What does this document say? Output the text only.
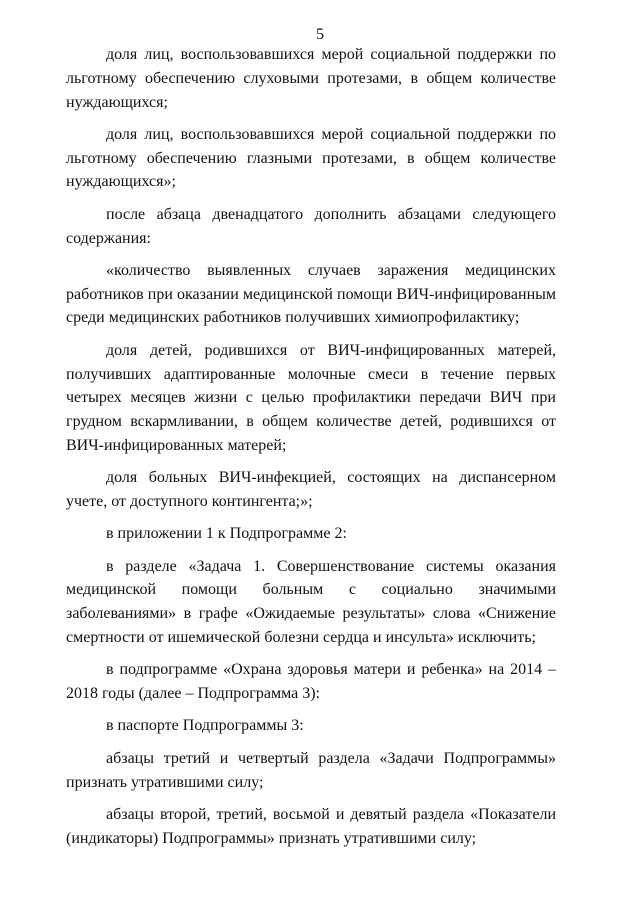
5

доля лиц, воспользовавшихся мерой социальной поддержки по льготному обеспечению слуховыми протезами, в общем количестве нуждающихся;

доля лиц, воспользовавшихся мерой социальной поддержки по льготному обеспечению глазными протезами, в общем количестве нуждающихся»;

после абзаца двенадцатого дополнить абзацами следующего содержания:

«количество выявленных случаев заражения медицинских работников при оказании медицинской помощи ВИЧ-инфицированным среди медицинских работников получивших химиопрофилактику;

доля детей, родившихся от ВИЧ-инфицированных матерей, получивших адаптированные молочные смеси в течение первых четырех месяцев жизни с целью профилактики передачи ВИЧ при грудном вскармливании, в общем количестве детей, родившихся от ВИЧ-инфицированных матерей;

доля больных ВИЧ-инфекцией, состоящих на диспансерном учете, от доступного контингента;»;

в приложении 1 к Подпрограмме 2:

в разделе «Задача 1. Совершенствование системы оказания медицинской помощи больным с социально значимыми заболеваниями» в графе «Ожидаемые результаты» слова «Снижение смертности от ишемической болезни сердца и инсульта» исключить;

в подпрограмме «Охрана здоровья матери и ребенка» на 2014 – 2018 годы (далее – Подпрограмма 3):

в паспорте Подпрограммы 3:

абзацы третий и четвертый раздела «Задачи Подпрограммы» признать утратившими силу;

абзацы второй, третий, восьмой и девятый раздела «Показатели (индикаторы) Подпрограммы» признать утратившими силу;
